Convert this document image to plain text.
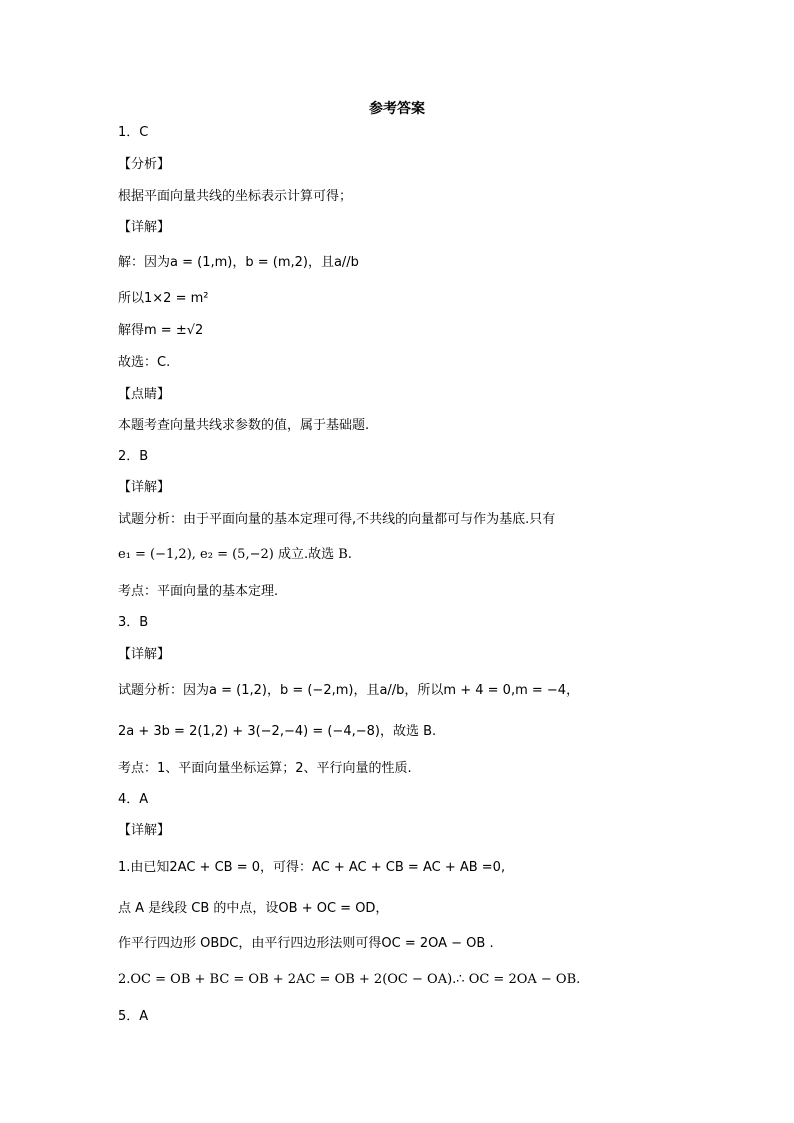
参考答案
1．C
【分析】
根据平面向量共线的坐标表示计算可得；
【详解】
解：因为a = (1,m)，b = (m,2)，且a//b
所以1×2 = m²
解得m = ±√2
故选：C.
【点睛】
本题考查向量共线求参数的值，属于基础题.
2．B
【详解】
试题分析：由于平面向量的基本定理可得,不共线的向量都可与作为基底.只有
e₁ = (−1,2), e₂ = (5,−2) 成立.故选 B.
考点：平面向量的基本定理.
3．B
【详解】
试题分析：因为a = (1,2)，b = (−2,m)，且a//b，所以m + 4 = 0,m = −4，
2a + 3b = 2(1,2) + 3(−2,−4) = (−4,−8)，故选 B.
考点：1、平面向量坐标运算；2、平行向量的性质.
4．A
【详解】
1.由已知2AC + CB = 0，可得：AC + AC + CB = AC + AB =0,
点 A 是线段 CB 的中点，设OB + OC = OD，
作平行四边形 OBDC，由平行四边形法则可得OC = 2OA − OB .
2.OC = OB + BC = OB + 2AC = OB + 2(OC − OA).∴ OC = 2OA − OB.
5．A
